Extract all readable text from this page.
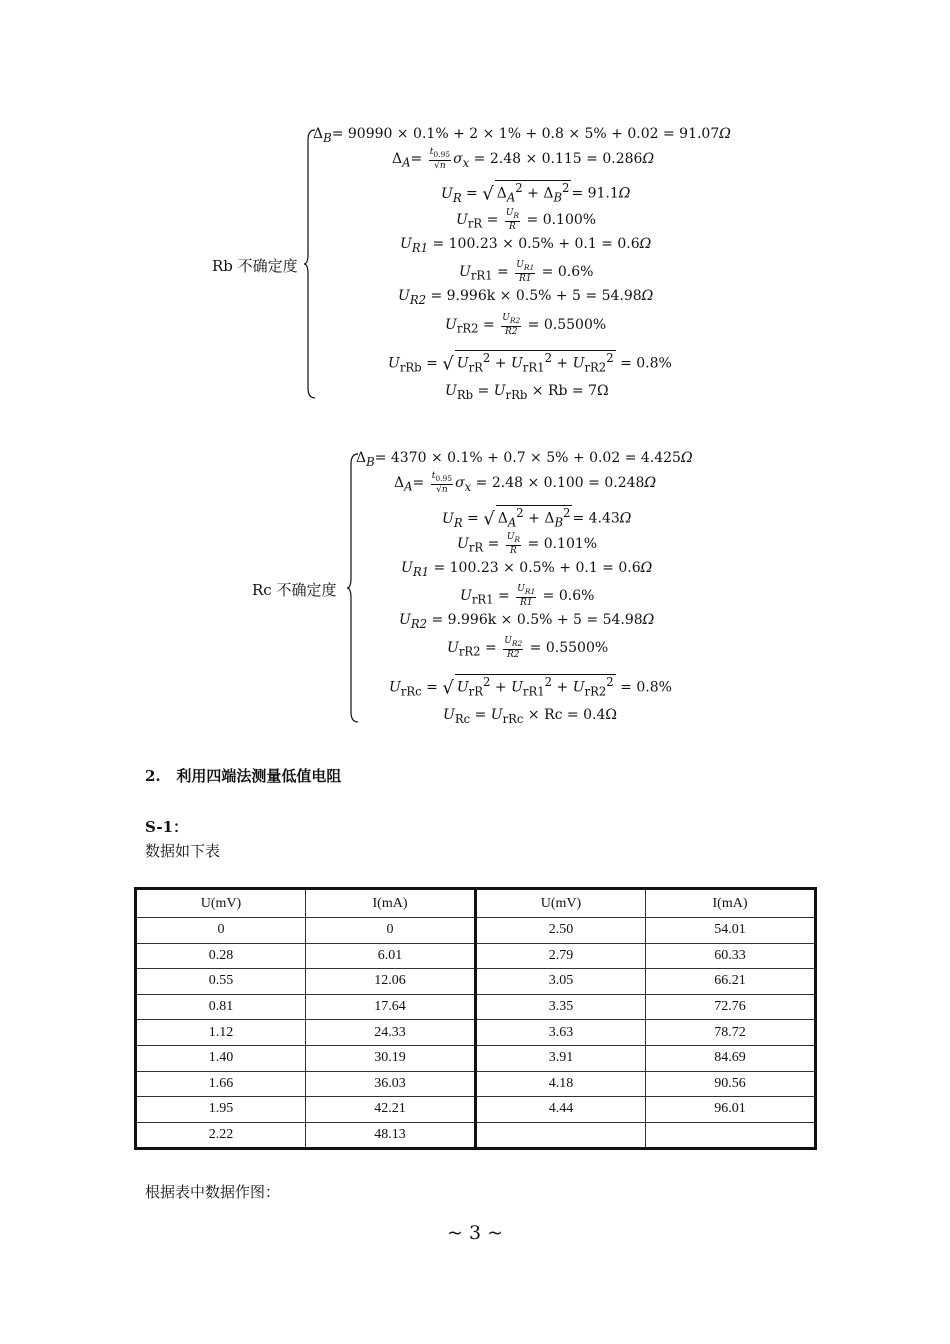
Rb 不确定度
$\Delta_B= 90990 \times 0.1\% + 2 \times 1\% + 0.8 \times 5\% + 0.02 = 91.07\Omega$
$\Delta_A= \frac{t_{0.95}}{√n} \sigma_x = 2.48 \times 0.115 = 0.286\Omega$
$U_R$ = √ $\Delta_A^2 + \Delta_B^2 = 91.1\Omega$
$U_{rR} = \frac{U_R}{R} = 0.100\%$
$U_{R1} = 100.23 \times 0.5\% + 0.1 = 0.6\Omega$
$U_{rR1} = \frac{U_{R1}}{R1} = 0.6\%$
$U_{R2} = 9.996k \times 0.5\% + 5 = 54.98\Omega$
$U_{rR2} = \frac{U_{R2}}{R2} = 0.5500\%$
$U_{rRb}$ = √ $U_{rR}^2 + U_{rR1}^2 + U_{rR2}^2 = 0.8\%$
$U_{Rb} = U_{rRb} \times Rb = 7\Omega$
Rc 不确定度
$\Delta_B= 4370 \times 0.1\% + 0.7 \times 5\% + 0.02 = 4.425\Omega$
$\Delta_A= \frac{t_{0.95}}{√n} \sigma_x = 2.48 \times 0.100 = 0.248\Omega$
$U_R$ = √ $\Delta_A^2 + \Delta_B^2 = 4.43\Omega$
$U_{rR} = \frac{U_R}{R} = 0.101\%$
$U_{R1} = 100.23 \times 0.5\% + 0.1 = 0.6\Omega$
$U_{rR1} = \frac{U_{R1}}{R1} = 0.6\%$
$U_{R2} = 9.996k \times 0.5\% + 5 = 54.98\Omega$
$U_{rR2} = \frac{U_{R2}}{R2} = 0.5500\%$
$U_{rRc}$ = √ $U_{rR}^2 + U_{rR1}^2 + U_{rR2}^2 = 0.8\%$
$U_{Rc} = U_{rRc} \times Rc = 0.4\Omega$
2.   利用四端法测量低值电阻
S-1：
数据如下表
U(mV)	I(mA)	U(mV)	I(mA)
0	0	2.50	54.01
0.28	6.01	2.79	60.33
0.55	12.06	3.05	66.21
0.81	17.64	3.35	72.76
1.12	24.33	3.63	78.72
1.40	30.19	3.91	84.69
1.66	36.03	4.18	90.56
1.95	42.21	4.44	96.01
2.22	48.13		
根据表中数据作图：
~ 3 ~
